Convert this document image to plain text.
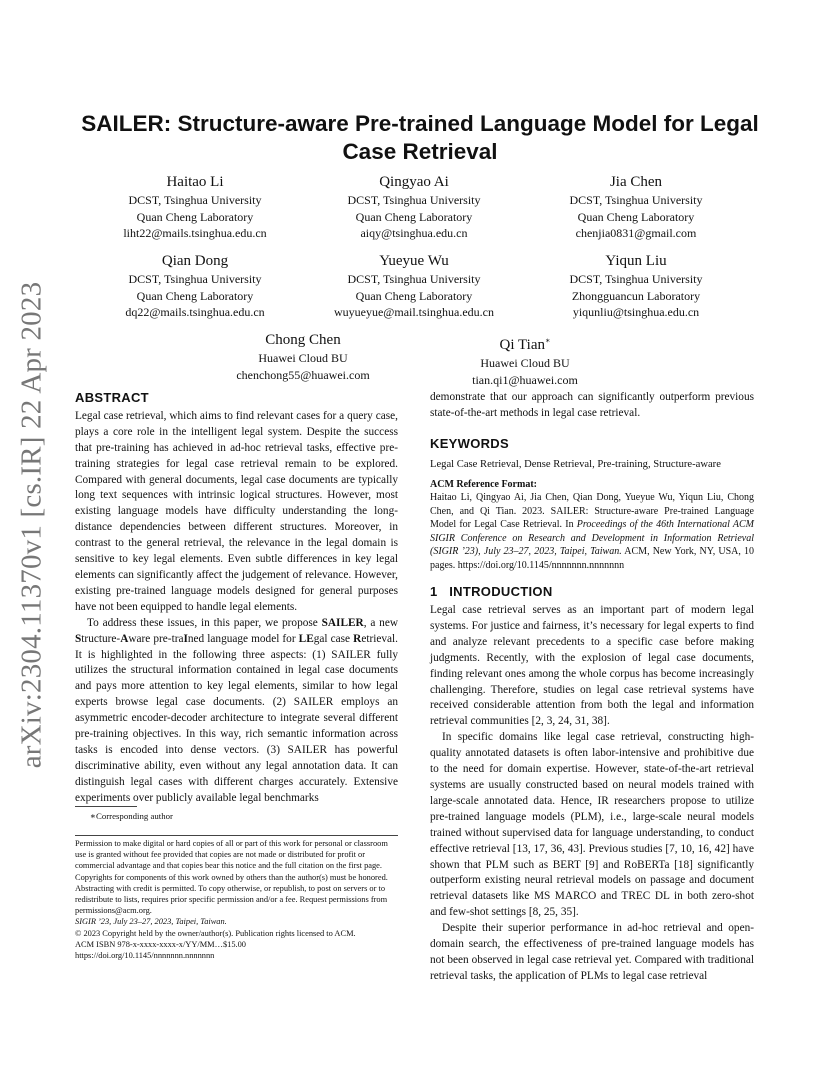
arXiv:2304.11370v1 [cs.IR] 22 Apr 2023
SAILER: Structure-aware Pre-trained Language Model for Legal Case Retrieval
Haitao Li
DCST, Tsinghua University
Quan Cheng Laboratory
liht22@mails.tsinghua.edu.cn
Qingyao Ai
DCST, Tsinghua University
Quan Cheng Laboratory
aiqy@tsinghua.edu.cn
Jia Chen
DCST, Tsinghua University
Quan Cheng Laboratory
chenjia0831@gmail.com
Qian Dong
DCST, Tsinghua University
Quan Cheng Laboratory
dq22@mails.tsinghua.edu.cn
Yueyue Wu
DCST, Tsinghua University
Quan Cheng Laboratory
wuyueyue@mail.tsinghua.edu.cn
Yiqun Liu
DCST, Tsinghua University
Zhongguancun Laboratory
yiqunliu@tsinghua.edu.cn
Chong Chen
Huawei Cloud BU
chenchong55@huawei.com
Qi Tian∗
Huawei Cloud BU
tian.qi1@huawei.com
ABSTRACT

Legal case retrieval, which aims to find relevant cases for a query case, plays a core role in the intelligent legal system. Despite the success that pre-training has achieved in ad-hoc retrieval tasks, effective pre-training strategies for legal case retrieval remain to be explored. Compared with general documents, legal case documents are typically long text sequences with intrinsic logical structures. However, most existing language models have difficulty understanding the long-distance dependencies between different structures. Moreover, in contrast to the general retrieval, the relevance in the legal domain is sensitive to key legal elements. Even subtle differences in key legal elements can significantly affect the judgement of relevance. However, existing pre-trained language models designed for general purposes have not been equipped to handle legal elements.

To address these issues, in this paper, we propose SAILER, a new Structure-Aware pre-traIned language model for LEgal case Retrieval. It is highlighted in the following three aspects: (1) SAILER fully utilizes the structural information contained in legal case documents and pays more attention to key legal elements, similar to how legal experts browse legal case documents. (2) SAILER employs an asymmetric encoder-decoder architecture to integrate several different pre-training objectives. In this way, rich semantic information across tasks is encoded into dense vectors. (3) SAILER has powerful discriminative ability, even without any legal annotation data. It can distinguish legal cases with different charges accurately. Extensive experiments over publicly available legal benchmarks

∗Corresponding author
Permission to make digital or hard copies of all or part of this work for personal or classroom use is granted without fee provided that copies are not made or distributed for profit or commercial advantage and that copies bear this notice and the full citation on the first page. Copyrights for components of this work owned by others than the author(s) must be honored. Abstracting with credit is permitted. To copy otherwise, or republish, to post on servers or to redistribute to lists, requires prior specific permission and/or a fee. Request permissions from permissions@acm.org.
SIGIR ’23, July 23–27, 2023, Taipei, Taiwan.
© 2023 Copyright held by the owner/author(s). Publication rights licensed to ACM.
ACM ISBN 978-x-xxxx-xxxx-x/YY/MM…$15.00
https://doi.org/10.1145/nnnnnnn.nnnnnnn

demonstrate that our approach can significantly outperform previous state-of-the-art methods in legal case retrieval.

KEYWORDS

Legal Case Retrieval, Dense Retrieval, Pre-training, Structure-aware

ACM Reference Format:

Haitao Li, Qingyao Ai, Jia Chen, Qian Dong, Yueyue Wu, Yiqun Liu, Chong Chen, and Qi Tian. 2023. SAILER: Structure-aware Pre-trained Language Model for Legal Case Retrieval. In Proceedings of the 46th International ACM SIGIR Conference on Research and Development in Information Retrieval (SIGIR ’23), July 23–27, 2023, Taipei, Taiwan. ACM, New York, NY, USA, 10 pages. https://doi.org/10.1145/nnnnnnn.nnnnnnn

1   INTRODUCTION

Legal case retrieval serves as an important part of modern legal systems. For justice and fairness, it’s necessary for legal experts to find and analyze relevant precedents to a specific case before making judgments. Recently, with the explosion of legal case documents, finding relevant ones among the whole corpus has become increasingly challenging. Therefore, studies on legal case retrieval systems have received considerable attention from both the legal and information retrieval communities [2, 3, 24, 31, 38].

In specific domains like legal case retrieval, constructing high-quality annotated datasets is often labor-intensive and prohibitive due to the need for domain expertise. However, state-of-the-art retrieval systems are usually constructed based on neural models trained with large-scale annotated data. Hence, IR researchers propose to utilize pre-trained language models (PLM), i.e., large-scale neural models trained without supervised data for language understanding, to conduct effective retrieval [13, 17, 36, 43]. Previous studies [7, 10, 16, 42] have shown that PLM such as BERT [9] and RoBERTa [18] significantly outperform existing neural retrieval models on passage and document retrieval datasets like MS MARCO and TREC DL in both zero-shot and few-shot settings [8, 25, 35].

Despite their superior performance in ad-hoc retrieval and open-domain search, the effectiveness of pre-trained language models has not been observed in legal case retrieval yet. Compared with traditional retrieval tasks, the application of PLMs to legal case retrieval
